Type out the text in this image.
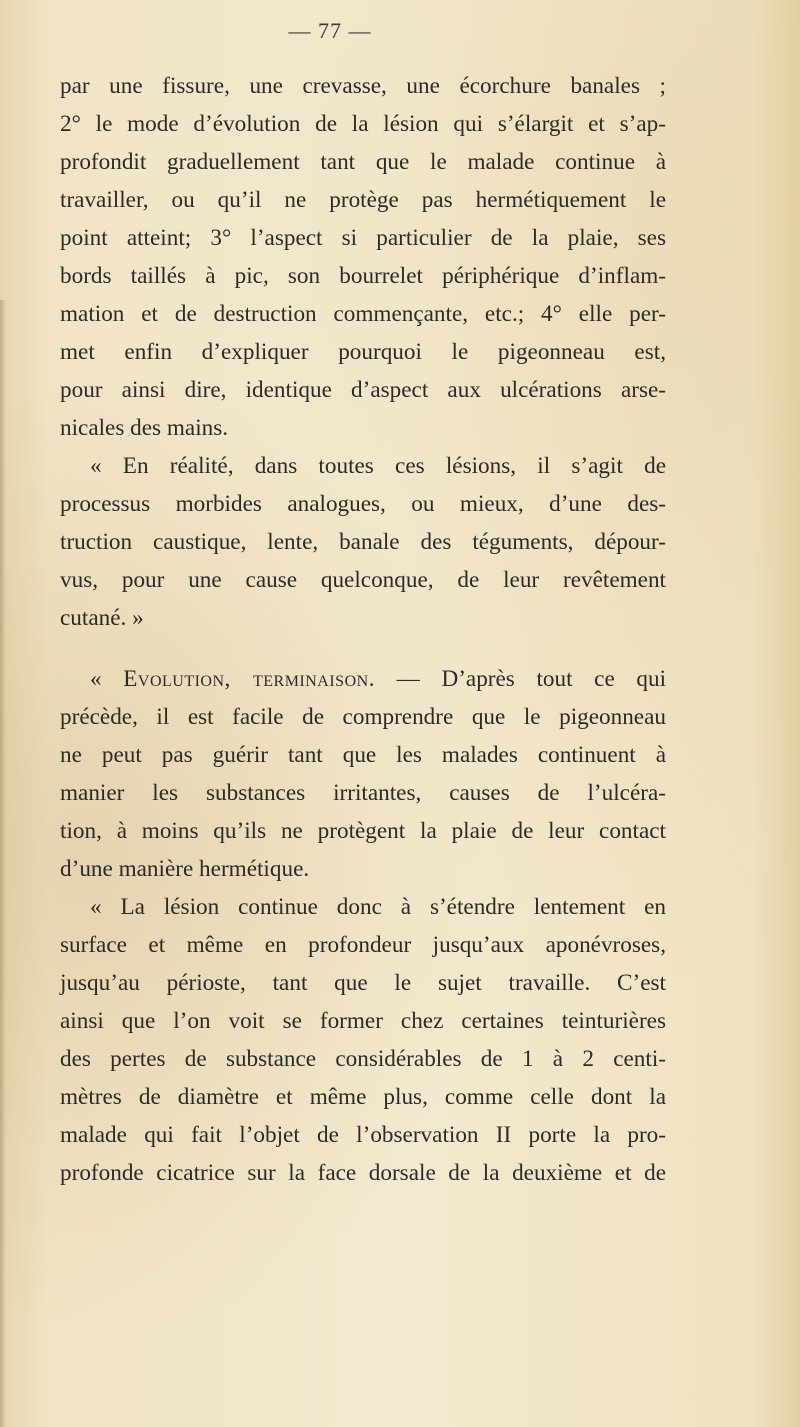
— 77 —
par une fissure, une crevasse, une écorchure banales ;
2° le mode d’évolution de la lésion qui s’élargit et s’ap-
profondit graduellement tant que le malade continue à
travailler, ou qu’il ne protège pas hermétiquement le
point atteint; 3° l’aspect si particulier de la plaie, ses
bords taillés à pic, son bourrelet périphérique d’inflam-
mation et de destruction commençante, etc.; 4° elle per-
met enfin d’expliquer pourquoi le pigeonneau est,
pour ainsi dire, identique d’aspect aux ulcérations arse-
nicales des mains.
« En réalité, dans toutes ces lésions, il s’agit de
processus morbides analogues, ou mieux, d’une des-
truction caustique, lente, banale des téguments, dépour-
vus, pour une cause quelconque, de leur revêtement
cutané. »
« Evolution, terminaison. — D’après tout ce qui
précède, il est facile de comprendre que le pigeonneau
ne peut pas guérir tant que les malades continuent à
manier les substances irritantes, causes de l’ulcéra-
tion, à moins qu’ils ne protègent la plaie de leur contact
d’une manière hermétique.
« La lésion continue donc à s’étendre lentement en
surface et même en profondeur jusqu’aux aponévroses,
jusqu’au périoste, tant que le sujet travaille. C’est
ainsi que l’on voit se former chez certaines teinturières
des pertes de substance considérables de 1 à 2 centi-
mètres de diamètre et même plus, comme celle dont la
malade qui fait l’objet de l’observation II porte la pro-
profonde cicatrice sur la face dorsale de la deuxième et de
